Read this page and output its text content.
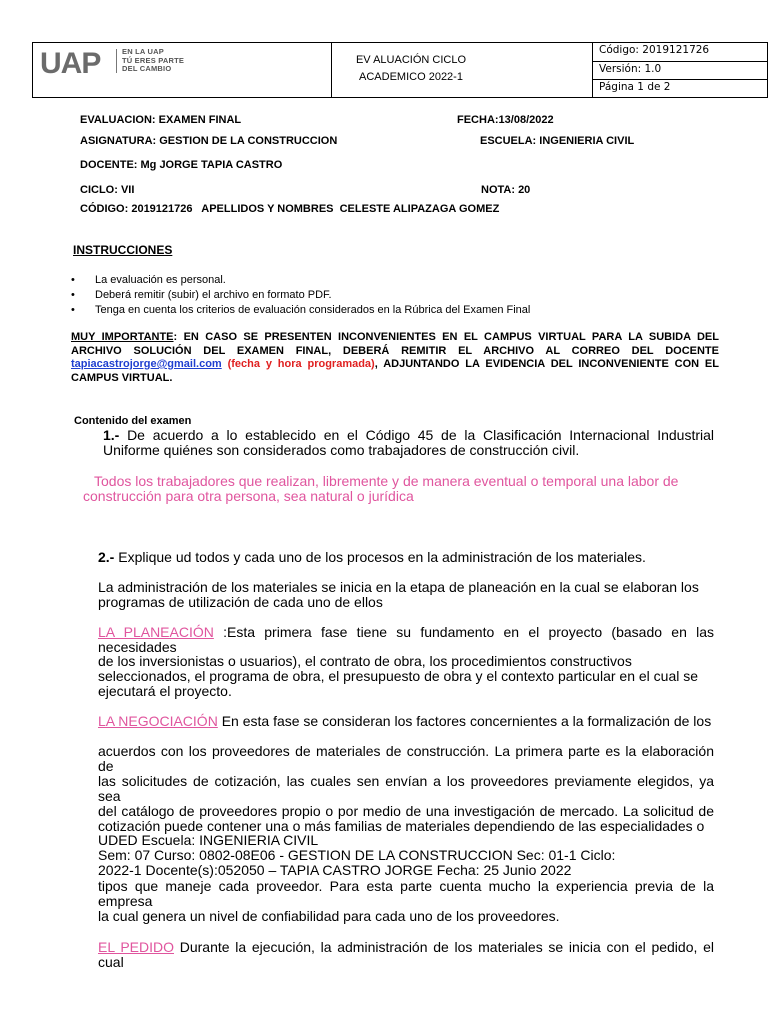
UAP	EN LA UAP
TÚ ERES PARTE
DEL CAMBIO
EV ALUACIÓN CICLO
ACADEMICO 2022-1
Código: 2019121726
Versión: 1.0
Página 1 de 2
EVALUACION: EXAMEN FINAL	FECHA:13/08/2022
ASIGNATURA: GESTION DE LA CONSTRUCCION	ESCUELA: INGENIERIA CIVIL
DOCENTE: Mg JORGE TAPIA CASTRO
CICLO: VII	NOTA: 20
CÓDIGO: 2019121726   APELLIDOS Y NOMBRES  CELESTE ALIPAZAGA GOMEZ
INSTRUCCIONES
• La evaluación es personal.
• Deberá remitir (subir) el archivo en formato PDF.
• Tenga en cuenta los criterios de evaluación considerados en la Rúbrica del Examen Final
MUY IMPORTANTE: EN CASO SE PRESENTEN INCONVENIENTES EN EL CAMPUS VIRTUAL PARA LA SUBIDA DEL ARCHIVO SOLUCIÓN DEL EXAMEN FINAL, DEBERÁ REMITIR EL ARCHIVO AL CORREO DEL DOCENTE tapiacastrojorge@gmail.com (fecha y hora programada), ADJUNTANDO LA EVIDENCIA DEL INCONVENIENTE CON EL CAMPUS VIRTUAL.
Contenido del examen
1.- De acuerdo a lo establecido en el Código 45 de la Clasificación Internacional Industrial Uniforme quiénes son considerados como trabajadores de construcción civil.
Todos los trabajadores que realizan, libremente y de manera eventual o temporal una labor de construcción para otra persona, sea natural o jurídica
2.- Explique ud todos y cada uno de los procesos en la administración de los materiales.
La administración de los materiales se inicia en la etapa de planeación en la cual se elaboran los programas de utilización de cada uno de ellos
LA PLANEACIÓN :Esta primera fase tiene su fundamento en el proyecto (basado en las necesidades
de los inversionistas o usuarios), el contrato de obra, los procedimientos constructivos seleccionados, el programa de obra, el presupuesto de obra y el contexto particular en el cual se ejecutará el proyecto.
LA NEGOCIACIÓN En esta fase se consideran los factores concernientes a la formalización de los
acuerdos con los proveedores de materiales de construcción. La primera parte es la elaboración de
las solicitudes de cotización, las cuales sen envían a los proveedores previamente elegidos, ya sea
del catálogo de proveedores propio o por medio de una investigación de mercado. La solicitud de cotización puede contener una o más familias de materiales dependiendo de las especialidades o
UDED Escuela: INGENIERIA CIVIL
Sem: 07 Curso: 0802-08E06 - GESTION DE LA CONSTRUCCION Sec: 01-1 Ciclo:
2022-1 Docente(s):052050 – TAPIA CASTRO JORGE Fecha: 25 Junio 2022
tipos que maneje cada proveedor. Para esta parte cuenta mucho la experiencia previa de la empresa
la cual genera un nivel de confiabilidad para cada uno de los proveedores.
EL PEDIDO Durante la ejecución, la administración de los materiales se inicia con el pedido, el cual
